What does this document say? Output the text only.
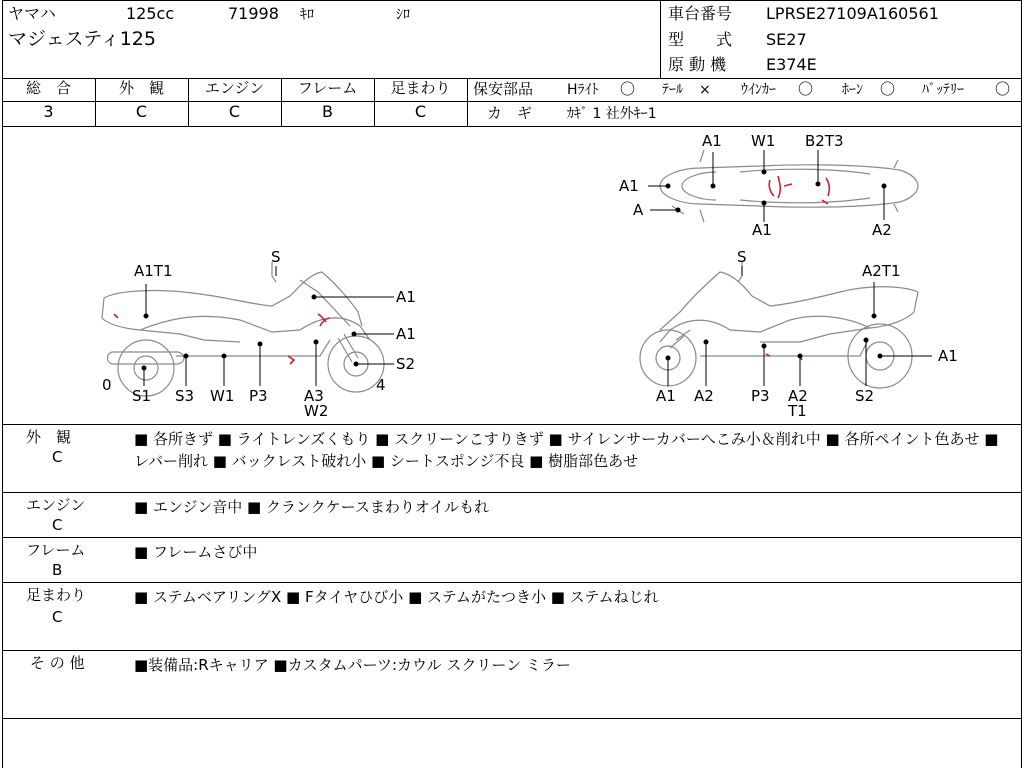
ヤマハ	125cc	71998 ｷﾛ	ｼﾛ
マジェスティ125
車台番号 LPRSE27109A160561
型　　式 SE27
原 動 機 E374E
総　合	外　観	エンジン	フレーム	足まわり
3	C	C	B	C
保安部品 Hﾗｲﾄ 〇 ﾃｰﾙ × ｳｲﾝｶｰ 〇 ﾎｰﾝ 〇 ﾊﾞｯﾃﾘｰ 〇
カ　ギ ｶｷﾞ 1 社外ｷｰ1
A1 W1 B2T3
A1
A
A1	A2
A1T1
S
A1
A1
S2
0	4
S1 S3 W1 P3 A3
W2
S
A2T1
A1
A1 A2 P3 A2
T1
S2
外　観
C
■ 各所きず ■ ライトレンズくもり ■ スクリーンこすりきず ■ サイレンサーカバーへこみ小＆削れ中 ■ 各所ペイント色あせ ■ レバー削れ ■ バックレスト破れ小 ■ シートスポンジ不良 ■ 樹脂部色あせ
エンジン
C
■ エンジン音中 ■ クランクケースまわりオイルもれ
フレーム
B
■ フレームさび中
足まわり
C
■ ステムベアリングX ■ Fタイヤひび小 ■ ステムがたつき小 ■ ステムねじれ
そ の 他	■装備品:Rキャリア ■カスタムパーツ:カウル スクリーン ミラー
